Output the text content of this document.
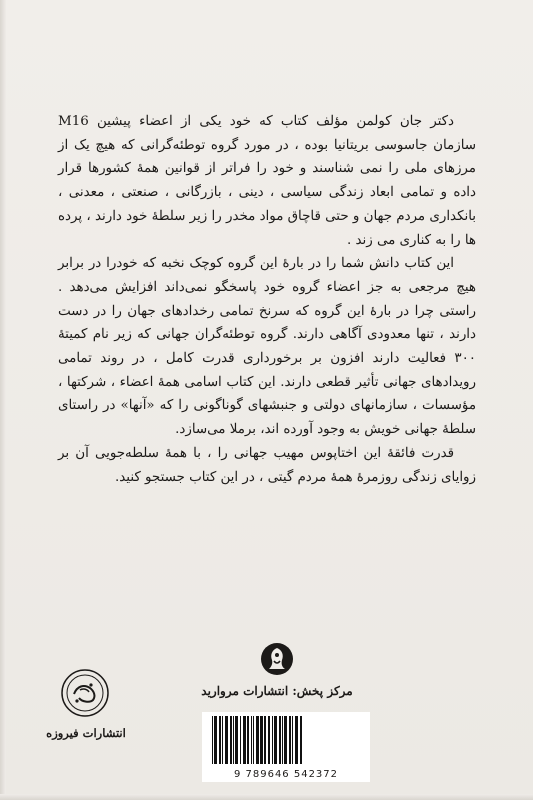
دکتر جان کولمن مؤلف کتاب که خود یکی از اعضاء پیشین M16 سازمان جاسوسی بریتانیا بوده ، در مورد گروه توطئه‌گرانی که هیچ یک از مرزهای ملی را نمی شناسند و خود را فراتر از قوانین همهٔ کشورها قرار داده و تمامی ابعاد زندگی سیاسی ، دینی ، بازرگانی ، صنعتی ، معدنی ، بانکداری مردم جهان و حتی قاچاق مواد مخدر را زیر سلطهٔ خود دارند ، پرده ها را به کناری می زند .

این کتاب دانش شما را در بارهٔ این گروه کوچک نخبه که خودرا در برابر هیچ مرجعی به جز اعضاء گروه خود پاسخگو نمی‌داند افزایش می‌دهد . راستی چرا در بارهٔ این گروه که سرنخ تمامی رخدادهای جهان را در دست دارند ، تنها معدودی آگاهی دارند. گروه توطئه‌گران جهانی که زیر نام کمیتهٔ ۳۰۰ فعالیت دارند افزون بر برخورداری قدرت کامل ، در روند تمامی رویدادهای جهانی تأثیر قطعی دارند. این کتاب اسامی همهٔ اعضاء ، شرکتها ، مؤسسات ، سازمانهای دولتی و جنبشهای گوناگونی را که «آنها» در راستای سلطهٔ جهانی خویش به وجود آورده اند، برملا می‌سازد.

قدرت فائقهٔ این اختاپوس مهیب جهانی را ، با همهٔ سلطه‌جویی آن بر زوایای زندگی روزمرهٔ همهٔ مردم گیتی ، در این کتاب جستجو کنید.

مرکز پخش: انتشارات مروارید
9 789646 542372
انتشارات فیروزه
